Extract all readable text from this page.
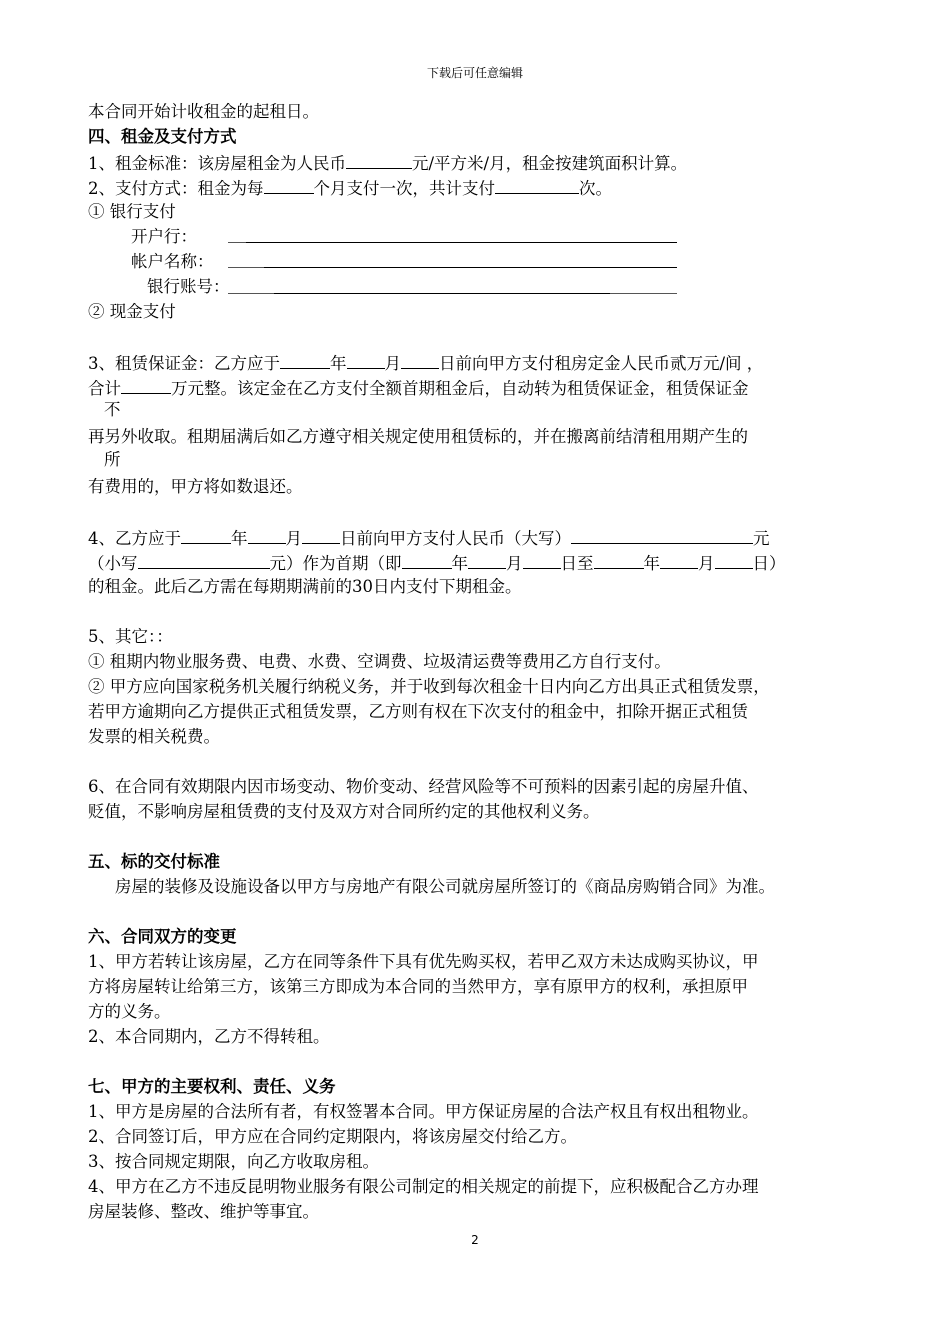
下载后可任意编辑
本合同开始计收租金的起租日。
四、租金及支付方式
1、租金标准：该房屋租金为人民币	元/平方米/月，租金按建筑面积计算。
2、支付方式：租金为每	个月支付一次，共计支付	次。
① 银行支付
开户行：
帐户名称：
银行账号：
② 现金支付
3、租赁保证金：乙方应于	年 月 日前向甲方支付租房定金人民币贰万元/间 ，
合计	万元整。该定金在乙方支付全额首期租金后，自动转为租赁保证金，租赁保证金
不
再另外收取。租期届满后如乙方遵守相关规定使用租赁标的，并在搬离前结清租用期产生的
所
有费用的，甲方将如数退还。
4、乙方应于	年 月 日前向甲方支付人民币（大写）	元
（小写	元）作为首期（即	年 月 日至	年 月 日）
的租金。此后乙方需在每期期满前的30日内支付下期租金。
5、其它：：
① 租期内物业服务费、电费、水费、空调费、垃圾清运费等费用乙方自行支付。
② 甲方应向国家税务机关履行纳税义务，并于收到每次租金十日内向乙方出具正式租赁发票，
若甲方逾期向乙方提供正式租赁发票，乙方则有权在下次支付的租金中，扣除开据正式租赁
发票的相关税费。
6、在合同有效期限内因市场变动、物价变动、经营风险等不可预料的因素引起的房屋升值、
贬值，不影响房屋租赁费的支付及双方对合同所约定的其他权利义务。
五、标的交付标准
房屋的装修及设施设备以甲方与房地产有限公司就房屋所签订的《商品房购销合同》为准。
六、合同双方的变更
1、甲方若转让该房屋，乙方在同等条件下具有优先购买权，若甲乙双方未达成购买协议，甲
方将房屋转让给第三方，该第三方即成为本合同的当然甲方，享有原甲方的权利，承担原甲
方的义务。
2、本合同期内，乙方不得转租。
七、甲方的主要权利、责任、义务
1、甲方是房屋的合法所有者，有权签署本合同。甲方保证房屋的合法产权且有权出租物业。
2、合同签订后，甲方应在合同约定期限内，将该房屋交付给乙方。
3、按合同规定期限，向乙方收取房租。
4、甲方在乙方不违反昆明物业服务有限公司制定的相关规定的前提下，应积极配合乙方办理
房屋装修、整改、维护等事宜。
2
